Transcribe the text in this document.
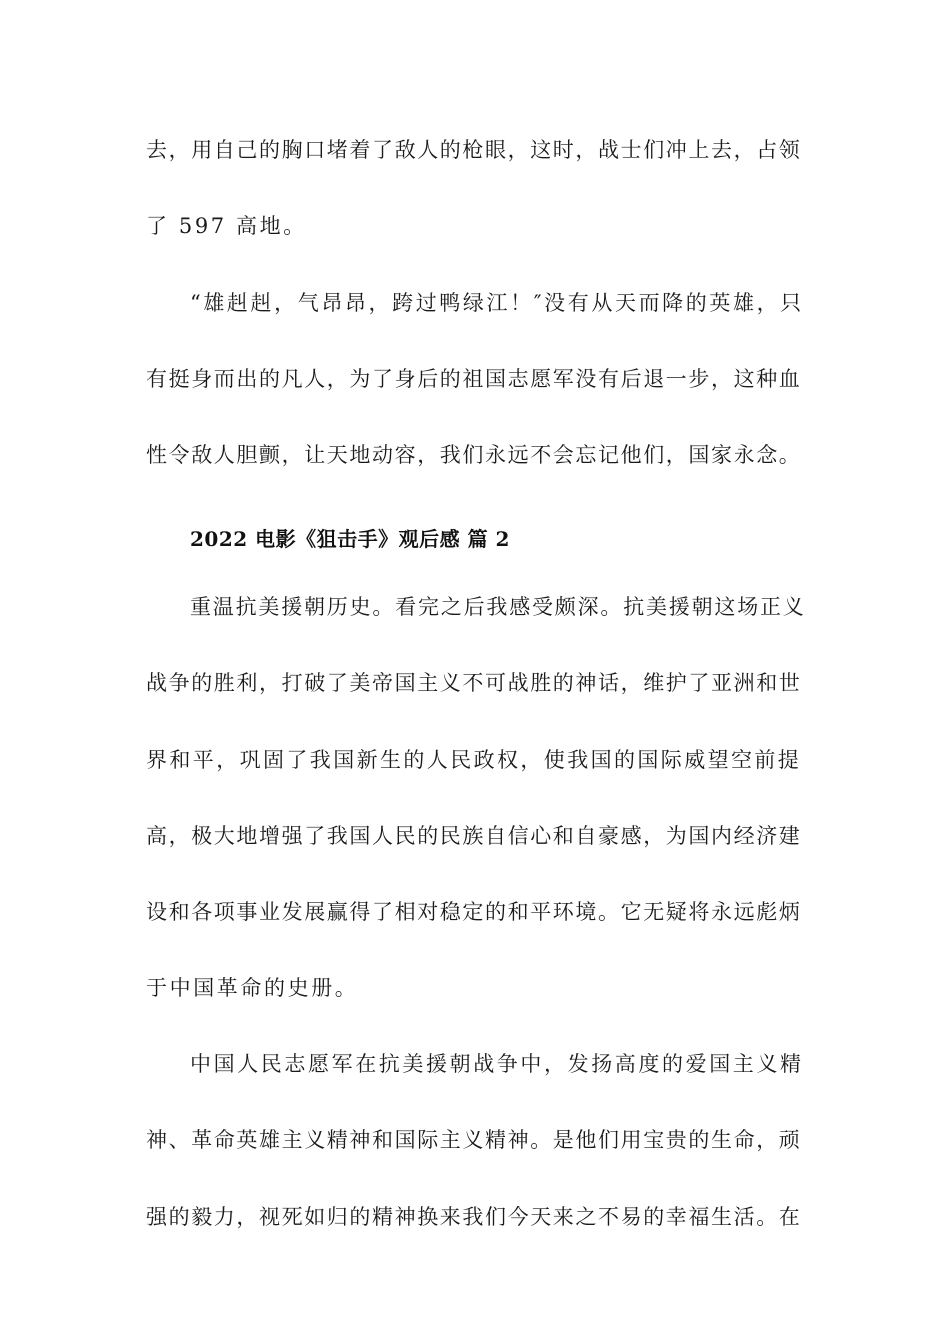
去，用自己的胸口堵着了敌人的枪眼，这时，战士们冲上去，占领

了 597 高地。

“雄赳赳，气昂昂，跨过鸭绿江！″没有从天而降的英雄，只

有挺身而出的凡人，为了身后的祖国志愿军没有后退一步，这种血

性令敌人胆颤，让天地动容，我们永远不会忘记他们，国家永念。

2022 电影《狙击手》观后感 篇 2

重温抗美援朝历史。看完之后我感受颇深。抗美援朝这场正义

战争的胜利，打破了美帝国主义不可战胜的神话，维护了亚洲和世

界和平，巩固了我国新生的人民政权，使我国的国际威望空前提

高，极大地增强了我国人民的民族自信心和自豪感，为国内经济建

设和各项事业发展赢得了相对稳定的和平环境。它无疑将永远彪炳

于中国革命的史册。

中国人民志愿军在抗美援朝战争中，发扬高度的爱国主义精

神、革命英雄主义精神和国际主义精神。是他们用宝贵的生命，顽

强的毅力，视死如归的精神换来我们今天来之不易的幸福生活。在
